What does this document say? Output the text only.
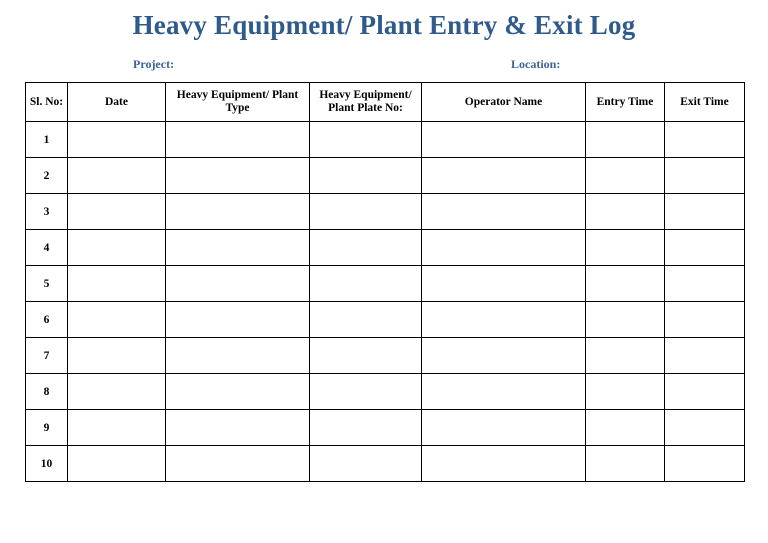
Heavy Equipment/ Plant Entry & Exit Log
Project:	Location:
Sl. No:	Date	Heavy Equipment/ Plant Type	Heavy Equipment/ Plant Plate No:	Operator Name	Entry Time	Exit Time
1						
2						
3						
4						
5						
6						
7						
8						
9						
10						
